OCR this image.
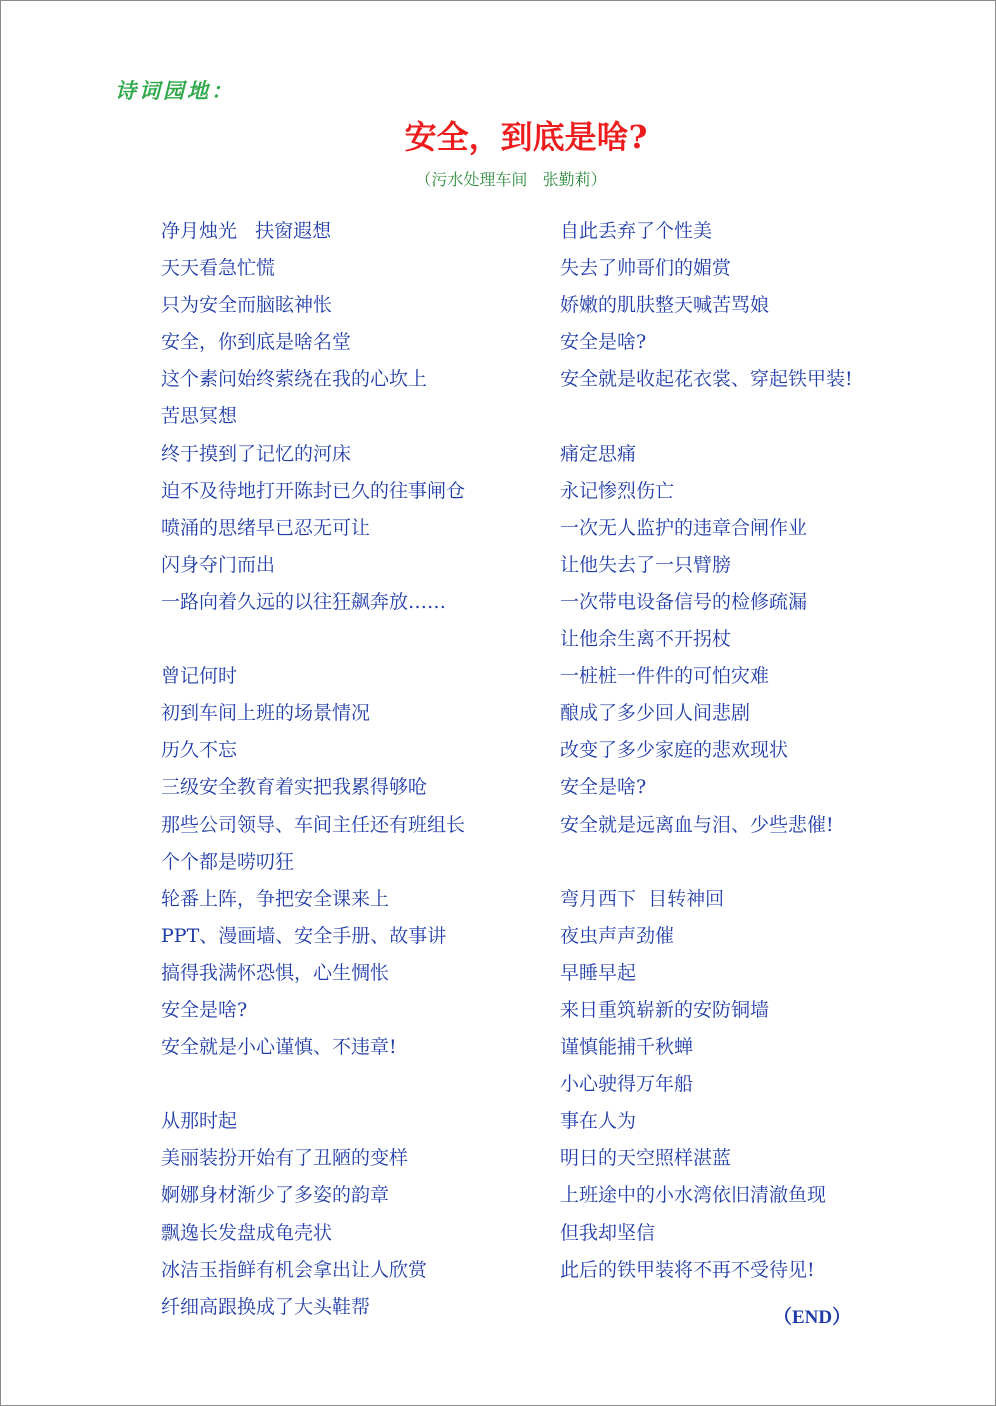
诗词园地：
安全，到底是啥?
（污水处理车间   张勤莉）
净月烛光   扶窗遐想
天天看急忙慌
只为安全而脑眩神怅
安全，你到底是啥名堂
这个素问始终萦绕在我的心坎上
苦思冥想
终于摸到了记忆的河床
迫不及待地打开陈封已久的往事闸仓
喷涌的思绪早已忍无可让
闪身夺门而出
一路向着久远的以往狂飙奔放……
曾记何时
初到车间上班的场景情况
历久不忘
三级安全教育着实把我累得够呛
那些公司领导、车间主任还有班组长
个个都是唠叨狂
轮番上阵，争把安全课来上
PPT、漫画墙、安全手册、故事讲
搞得我满怀恐惧，心生惆怅
安全是啥?
安全就是小心谨慎、不违章!
从那时起
美丽装扮开始有了丑陋的变样
婀娜身材渐少了多姿的韵章
飘逸长发盘成龟壳状
冰洁玉指鲜有机会拿出让人欣赏
纤细高跟换成了大头鞋帮
自此丢弃了个性美
失去了帅哥们的媚赏
娇嫩的肌肤整天喊苦骂娘
安全是啥?
安全就是收起花衣裳、穿起铁甲装!
痛定思痛
永记惨烈伤亡
一次无人监护的违章合闸作业
让他失去了一只臂膀
一次带电设备信号的检修疏漏
让他余生离不开拐杖
一桩桩一件件的可怕灾难
酿成了多少回人间悲剧
改变了多少家庭的悲欢现状
安全是啥?
安全就是远离血与泪、少些悲催!
弯月西下  目转神回
夜虫声声劲催
早睡早起
来日重筑崭新的安防铜墙
谨慎能捕千秋蝉
小心驶得万年船
事在人为
明日的天空照样湛蓝
上班途中的小水湾依旧清澈鱼现
但我却坚信
此后的铁甲装将不再不受待见!
（END）
